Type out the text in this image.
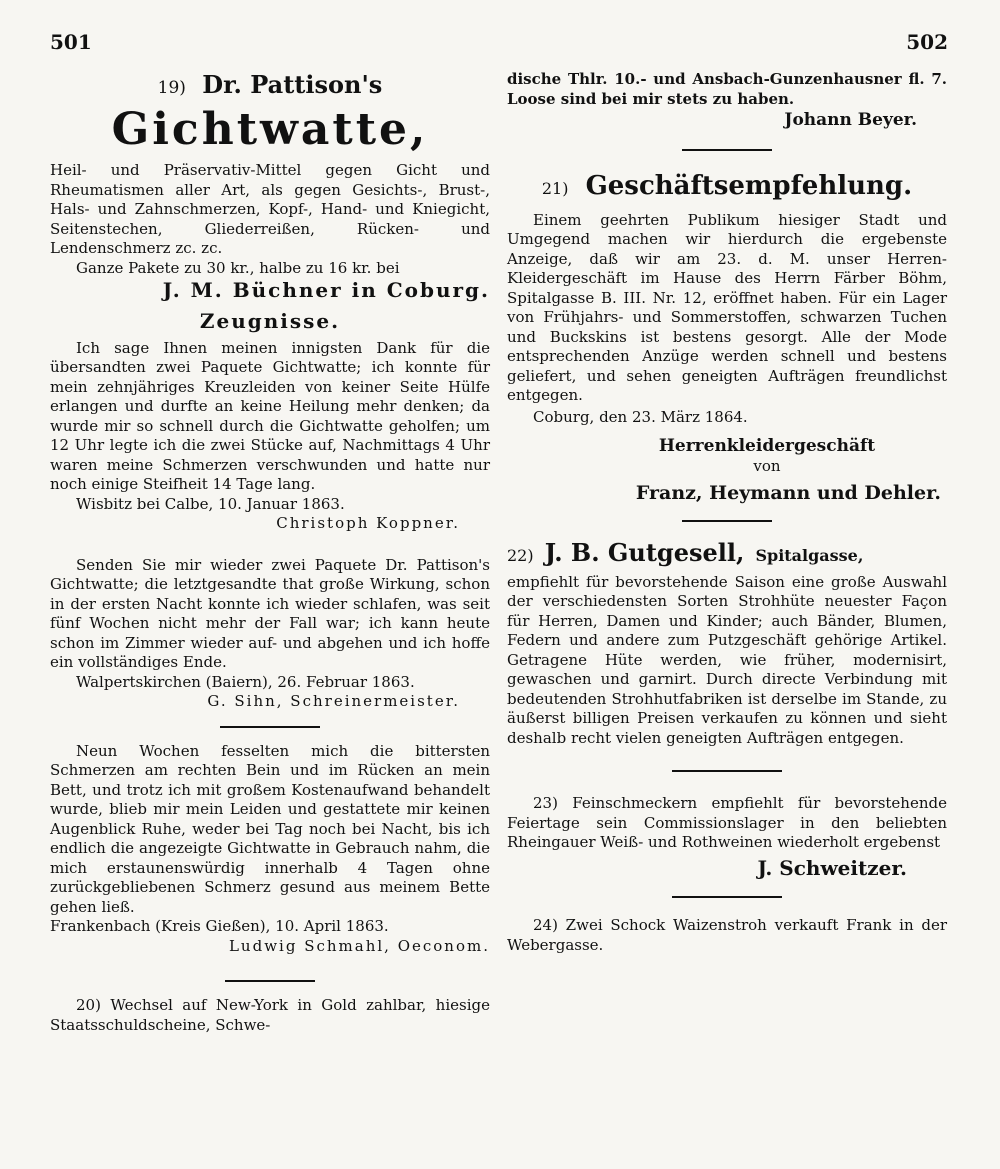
501	502
19) Dr. Pattison's
Gichtwatte,

Heil- und Präservativ-Mittel gegen Gicht und Rheumatismen aller Art, als gegen Gesichts-, Brust-, Hals- und Zahnschmerzen, Kopf-, Hand- und Kniegicht, Seitenstechen, Gliederreißen, Rücken- und Lendenschmerz zc. zc.

Ganze Pakete zu 30 kr., halbe zu 16 kr. bei

J. M. Büchner in Coburg.

Zeugnisse.

Ich sage Ihnen meinen innigsten Dank für die übersandten zwei Paquete Gichtwatte; ich konnte für mein zehnjähriges Kreuzleiden von keiner Seite Hülfe erlangen und durfte an keine Heilung mehr denken; da wurde mir so schnell durch die Gichtwatte geholfen; um 12 Uhr legte ich die zwei Stücke auf, Nachmittags 4 Uhr waren meine Schmerzen verschwunden und hatte nur noch einige Steifheit 14 Tage lang.

Wisbitz bei Calbe, 10. Januar 1863.

Christoph Koppner.

Senden Sie mir wieder zwei Paquete Dr. Pattison's Gichtwatte; die letztgesandte that große Wirkung, schon in der ersten Nacht konnte ich wieder schlafen, was seit fünf Wochen nicht mehr der Fall war; ich kann heute schon im Zimmer wieder auf- und abgehen und ich hoffe ein vollständiges Ende.

Walpertskirchen (Baiern), 26. Februar 1863.

G. Sihn, Schreinermeister.

Neun Wochen fesselten mich die bittersten Schmerzen am rechten Bein und im Rücken an mein Bett, und trotz ich mit großem Kostenaufwand behandelt wurde, blieb mir mein Leiden und gestattete mir keinen Augenblick Ruhe, weder bei Tag noch bei Nacht, bis ich endlich die angezeigte Gichtwatte in Gebrauch nahm, die mich erstaunenswürdig innerhalb 4 Tagen ohne zurückgebliebenen Schmerz gesund aus meinem Bette gehen ließ.

Frankenbach (Kreis Gießen), 10. April 1863.

Ludwig Schmahl, Oeconom.

20) Wechsel auf New-York in Gold zahlbar, hiesige Staatsschuldscheine, Schwe-

dische Thlr. 10.- und Ansbach-Gunzenhausner fl. 7. Loose sind bei mir stets zu haben.

Johann Beyer.

21) Geschäftsempfehlung.

Einem geehrten Publikum hiesiger Stadt und Umgegend machen wir hierdurch die ergebenste Anzeige, daß wir am 23. d. M. unser Herren-Kleidergeschäft im Hause des Herrn Färber Böhm, Spitalgasse B. III. Nr. 12, eröffnet haben. Für ein Lager von Frühjahrs- und Sommerstoffen, schwarzen Tuchen und Buckskins ist bestens gesorgt. Alle der Mode entsprechenden Anzüge werden schnell und bestens geliefert, und sehen geneigten Aufträgen freundlichst entgegen.

Coburg, den 23. März 1864.

Herrenkleidergeschäft

von

Franz, Heymann und Dehler.

22) J. B. Gutgesell, Spitalgasse,

empfiehlt für bevorstehende Saison eine große Auswahl der verschiedensten Sorten Strohhüte neuester Façon für Herren, Damen und Kinder; auch Bänder, Blumen, Federn und andere zum Putzgeschäft gehörige Artikel. Getragene Hüte werden, wie früher, modernisirt, gewaschen und garnirt. Durch directe Verbindung mit bedeutenden Strohhutfabriken ist derselbe im Stande, zu äußerst billigen Preisen verkaufen zu können und sieht deshalb recht vielen geneigten Aufträgen entgegen.

23) Feinschmeckern empfiehlt für bevorstehende Feiertage sein Commissionslager in den beliebten Rheingauer Weiß- und Rothweinen wiederholt ergebenst

J. Schweitzer.

24) Zwei Schock Waizenstroh verkauft Frank in der Webergasse.
